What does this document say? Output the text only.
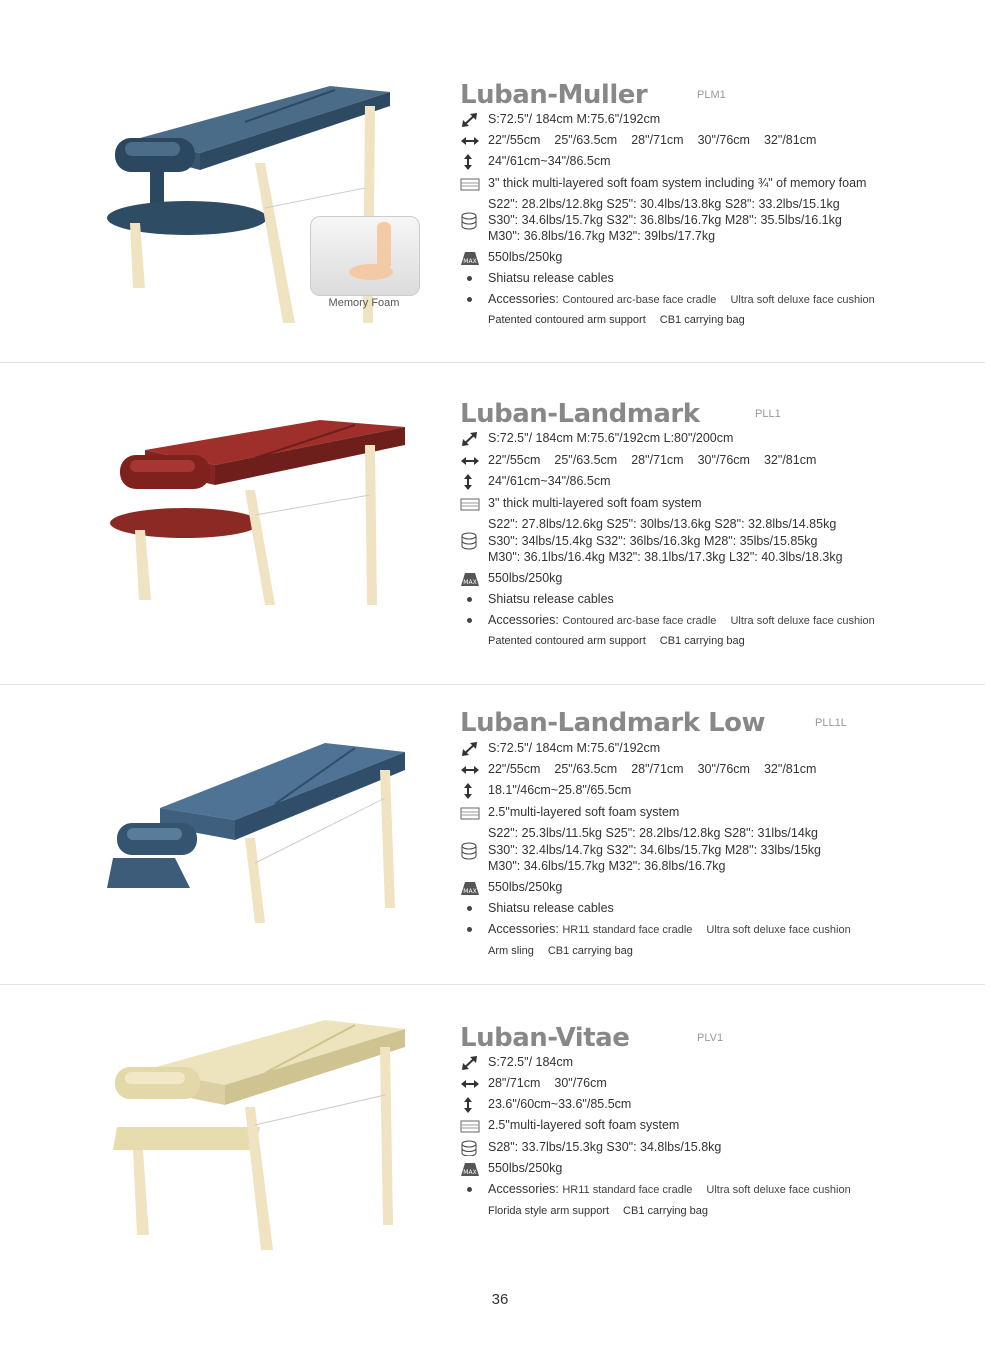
Memory Foam
Luban-Muller	PLM1
S:72.5"/ 184cm M:75.6"/192cm
22"/55cm 25"/63.5cm 28"/71cm 30"/76cm 32"/81cm
24"/61cm~34"/86.5cm
3" thick multi-layered soft foam system including ¾" of memory foam
S22": 28.2lbs/12.8kg S25": 30.4lbs/13.8kg S28": 33.2lbs/15.1kg
S30": 34.6lbs/15.7kg S32": 36.8lbs/16.7kg M28": 35.5lbs/16.1kg
M30": 36.8lbs/16.7kg M32": 39lbs/17.7kg
MAX 550lbs/250kg
Shiatsu release cables
Accessories: Contoured arc-base face cradle Ultra soft deluxe face cushion
Patented contoured arm support CB1 carrying bag
Luban-Landmark	PLL1
S:72.5"/ 184cm M:75.6"/192cm L:80"/200cm
22"/55cm 25"/63.5cm 28"/71cm 30"/76cm 32"/81cm
24"/61cm~34"/86.5cm
3" thick multi-layered soft foam system
S22": 27.8lbs/12.6kg S25": 30lbs/13.6kg S28": 32.8lbs/14.85kg
S30": 34lbs/15.4kg S32": 36lbs/16.3kg M28": 35lbs/15.85kg
M30": 36.1lbs/16.4kg M32": 38.1lbs/17.3kg L32": 40.3lbs/18.3kg
MAX 550lbs/250kg
Shiatsu release cables
Accessories: Contoured arc-base face cradle Ultra soft deluxe face cushion
Patented contoured arm support CB1 carrying bag
Luban-Landmark Low	PLL1L
S:72.5"/ 184cm M:75.6"/192cm
22"/55cm 25"/63.5cm 28"/71cm 30"/76cm 32"/81cm
18.1"/46cm~25.8"/65.5cm
2.5"multi-layered soft foam system
S22": 25.3lbs/11.5kg S25": 28.2lbs/12.8kg S28": 31lbs/14kg
S30": 32.4lbs/14.7kg S32": 34.6lbs/15.7kg M28": 33lbs/15kg
M30": 34.6lbs/15.7kg M32": 36.8lbs/16.7kg
MAX 550lbs/250kg
Shiatsu release cables
Accessories: HR11 standard face cradle Ultra soft deluxe face cushion
Arm sling CB1 carrying bag
Luban-Vitae	PLV1
S:72.5"/ 184cm
28"/71cm 30"/76cm
23.6"/60cm~33.6"/85.5cm
2.5"multi-layered soft foam system
S28": 33.7lbs/15.3kg S30": 34.8lbs/15.8kg
MAX 550lbs/250kg
Accessories: HR11 standard face cradle Ultra soft deluxe face cushion
Florida style arm support CB1 carrying bag
36
